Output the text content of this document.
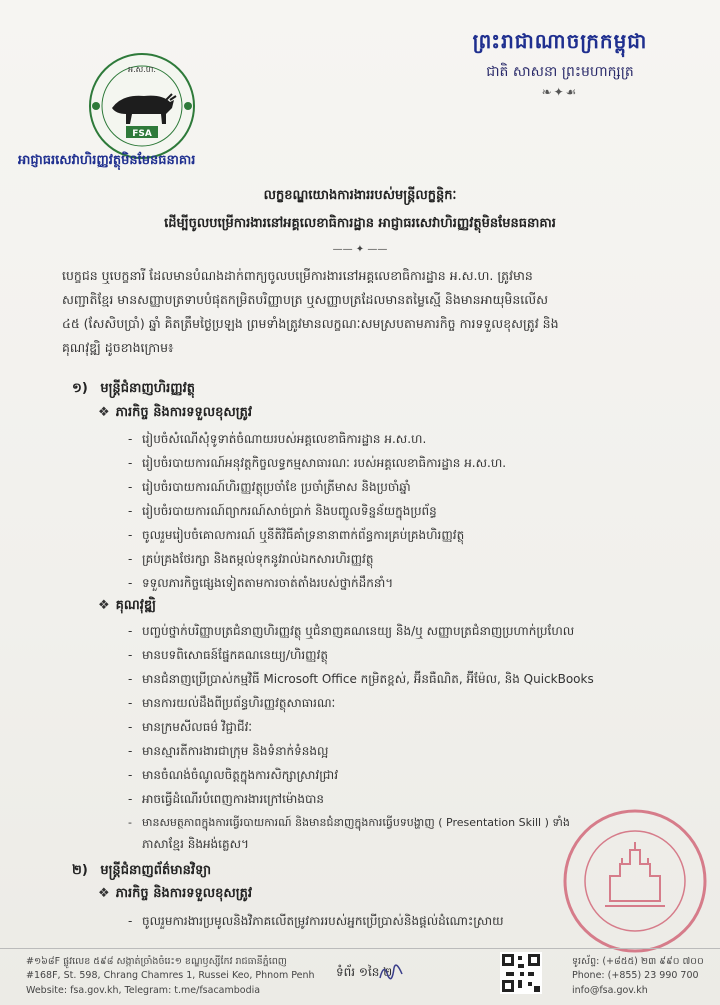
ព្រះរាជាណាចក្រកម្ពុជា
ជាតិ សាសនា ព្រះមហាក្សត្រ
❧✦☙
អ.ស.ហ.
FSA
អាជ្ញាធរសេវាហិរញ្ញវត្ថុមិនមែនធនាគារ
លក្ខខណ្ឌយោងការងាររបស់មន្ត្រីលក្ខន្តិកៈ
ដើម្បីចូលបម្រើការងារនៅអគ្គលេខាធិការដ្ឋាន អាជ្ញាធរសេវាហិរញ្ញវត្ថុមិនមែនធនាគារ
—— ✦ ——
បេក្ខជន ឬបេក្ខនារី ដែលមានបំណងដាក់ពាក្យចូលបម្រើការងារនៅអគ្គលេខាធិការដ្ឋាន អ.ស.ហ. ត្រូវមាន
សញ្ជាតិខ្មែរ មានសញ្ញាបត្រ​ទាបបំផុតកម្រិតបរិញ្ញាបត្រ ឬសញ្ញាបត្រដែលមានតម្លៃស្មើ និងមានអាយុមិនលើស
៤៥ (សែសិបប្រាំ) ឆ្នាំ គិតត្រឹមថ្ងៃប្រឡង ព្រមទាំងត្រូវមានលក្ខណៈសមស្របតាមភារកិច្ច ការទទួលខុសត្រូវ និង
គុណវុឌ្ឍិ ដូចខាងក្រោម៖
១) មន្ត្រីជំនាញហិរញ្ញវត្ថុ
❖ ភារកិច្ច និងការទទួលខុសត្រូវ
- រៀបចំសំណើសុំទូទាត់ចំណាយរបស់អគ្គលេខាធិការដ្ឋាន អ.ស.ហ.
- រៀបចំរបាយការណ៍អនុវត្តកិច្ចលទ្ធកម្មសាធារណៈ របស់អគ្គលេខាធិការដ្ឋាន អ.ស.ហ.
- រៀបចំរបាយការណ៍ហិរញ្ញវត្ថុប្រចាំខែ ប្រចាំត្រីមាស និងប្រចាំឆ្នាំ
- រៀបចំរបាយការណ៍ព្យាករណ៍សាច់ប្រាក់ និងបញ្ចូលទិន្នន័យក្នុងប្រព័ន្ធ
- ចូលរួមរៀបចំគោលការណ៍ ឬនីតិវិធីគាំទ្រនានាពាក់ព័ន្ធការគ្រប់គ្រងហិរញ្ញវត្ថុ
- គ្រប់គ្រងថែរក្សា និងតម្កល់ទុកនូវរាល់ឯកសារហិរញ្ញវត្ថុ
- ទទួលភារកិច្ចផ្សេងទៀតតាមការចាត់តាំងរបស់ថ្នាក់ដឹកនាំ។
❖ គុណវុឌ្ឍិ
- បញ្ចប់ថ្នាក់បរិញ្ញាបត្រជំនាញហិរញ្ញវត្ថុ ឬជំនាញគណនេយ្យ និង/ឬ សញ្ញាបត្រជំនាញប្រហាក់ប្រហែល
- មានបទពិសោធន៍ផ្នែកគណនេយ្យ/ហិរញ្ញវត្ថុ
- មានជំនាញប្រើប្រាស់កម្មវិធី Microsoft Office កម្រិតខ្ពស់, អ៊ីនធឺណិត, អ៊ីម៉ែល, និង QuickBooks
- មានការយល់ដឹងពីប្រព័ន្ធហិរញ្ញវត្ថុសាធារណៈ
- មានក្រមសីលធម៌ វិជ្ជាជីវៈ
- មានស្មារតីការងារជាក្រុម និងទំនាក់ទំនងល្អ
- មានចំណង់ចំណូលចិត្តក្នុងការសិក្សាស្រាវជ្រាវ
- អាចធ្វើដំណើរបំពេញការងារក្រៅម៉ោងបាន
- មានសមត្ថភាពក្នុងការធ្វើរបាយការណ៍ និងមានជំនាញក្នុងការធ្វើបទបង្ហាញ ( Presentation Skill ) ទាំង
ភាសាខ្មែរ និងអង់គ្លេស។
២) មន្ត្រីជំនាញព័ត៌មានវិទ្យា
❖ ភារកិច្ច និងការទទួលខុសត្រូវ
- ចូលរួមការងារប្រមូលនិងវិភាគលើតម្រូវការរបស់អ្នកប្រើប្រាស់និងផ្តល់ដំណោះស្រាយ
#១៦៨F ផ្លូវលេខ ៥៩៨ សង្កាត់ច្រាំងចំរេះ១ ខណ្ឌឫស្សីកែវ រាជធានីភ្នំពេញ
#168F, St. 598, Chrang Chamres 1, Russei Keo, Phnom Penh
Website: fsa.gov.kh, Telegram: t.me/fsacambodia
ទូរស័ព្ទ: (+៨៥៥) ២៣ ៩៩០ ៧០០
Phone: (+855) 23 990 700
info@fsa.gov.kh
ទំព័រ ១នៃ ២
